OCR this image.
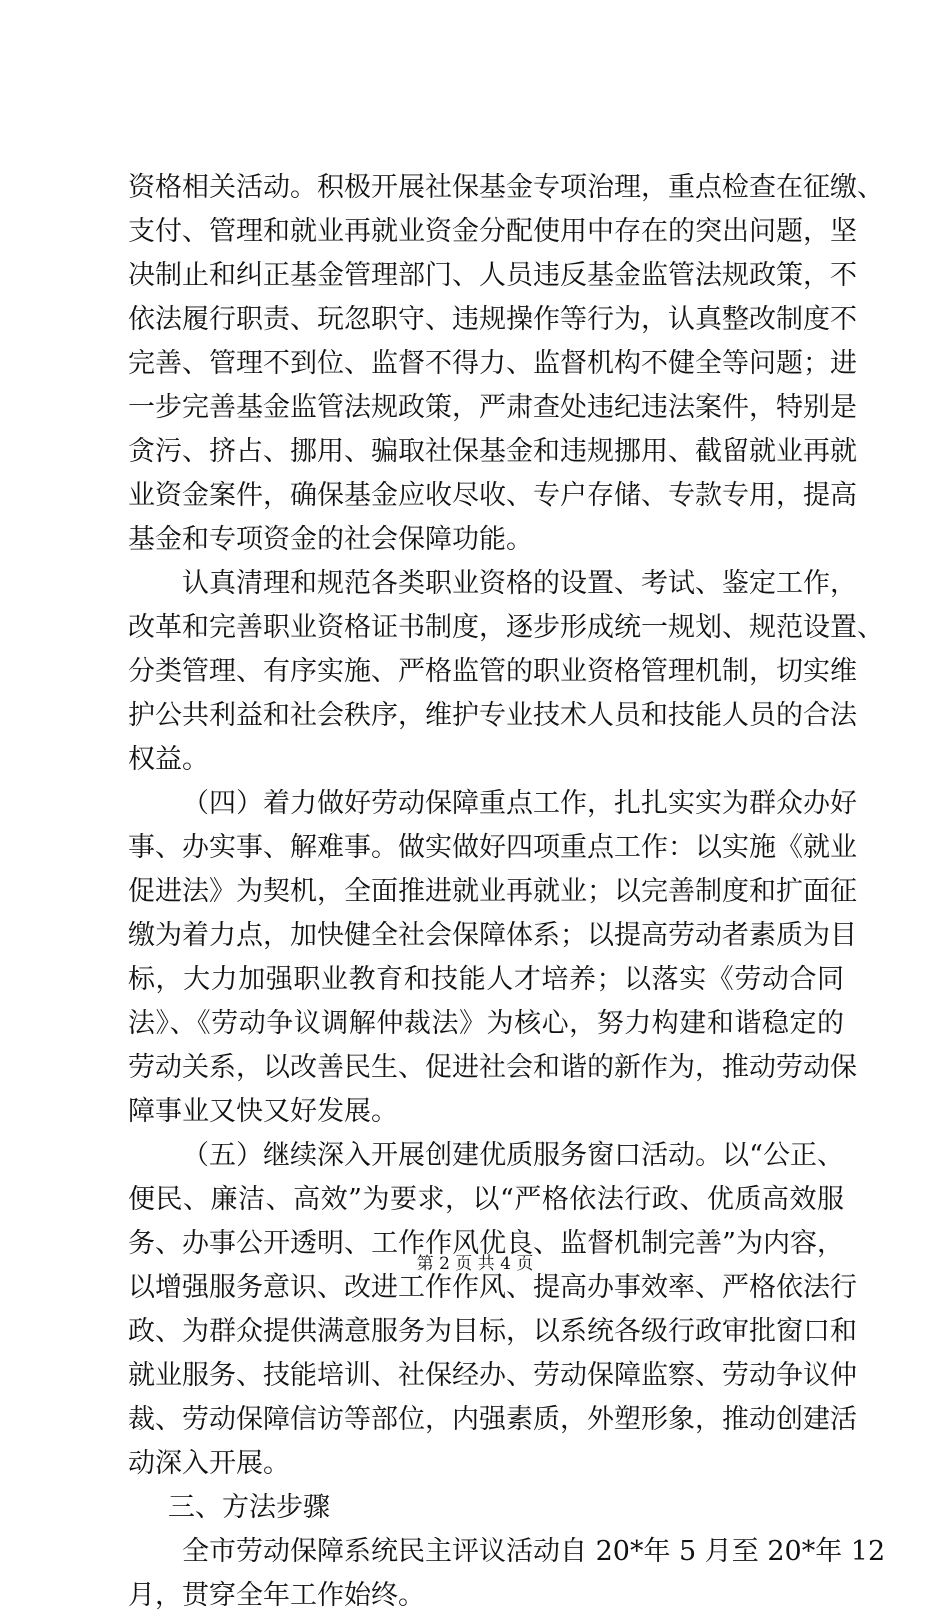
资格相关活动。积极开展社保基金专项治理，重点检查在征缴、
支付、管理和就业再就业资金分配使用中存在的突出问题，坚
决制止和纠正基金管理部门、人员违反基金监管法规政策，不
依法履行职责、玩忽职守、违规操作等行为，认真整改制度不
完善、管理不到位、监督不得力、监督机构不健全等问题；进
一步完善基金监管法规政策，严肃查处违纪违法案件，特别是
贪污、挤占、挪用、骗取社保基金和违规挪用、截留就业再就
业资金案件，确保基金应收尽收、专户存储、专款专用，提高
基金和专项资金的社会保障功能。
认真清理和规范各类职业资格的设置、考试、鉴定工作，
改革和完善职业资格证书制度，逐步形成统一规划、规范设置、
分类管理、有序实施、严格监管的职业资格管理机制，切实维
护公共利益和社会秩序，维护专业技术人员和技能人员的合法
权益。
（四）着力做好劳动保障重点工作，扎扎实实为群众办好
事、办实事、解难事。做实做好四项重点工作：以实施《就业
促进法》为契机，全面推进就业再就业；以完善制度和扩面征
缴为着力点，加快健全社会保障体系；以提高劳动者素质为目
标，大力加强职业教育和技能人才培养；以落实《劳动合同
法》、《劳动争议调解仲裁法》为核心，努力构建和谐稳定的
劳动关系，以改善民生、促进社会和谐的新作为，推动劳动保
障事业又快又好发展。
（五）继续深入开展创建优质服务窗口活动。以“公正、
便民、廉洁、高效”为要求，以“严格依法行政、优质高效服
务、办事公开透明、工作作风优良、监督机制完善”为内容，
以增强服务意识、改进工作作风、提高办事效率、严格依法行
政、为群众提供满意服务为目标，以系统各级行政审批窗口和
就业服务、技能培训、社保经办、劳动保障监察、劳动争议仲
裁、劳动保障信访等部位，内强素质，外塑形象，推动创建活
动深入开展。
三、方法步骤
全市劳动保障系统民主评议活动自 20*年 5 月至 20*年 12
月，贯穿全年工作始终。
第 2 页 共 4 页
